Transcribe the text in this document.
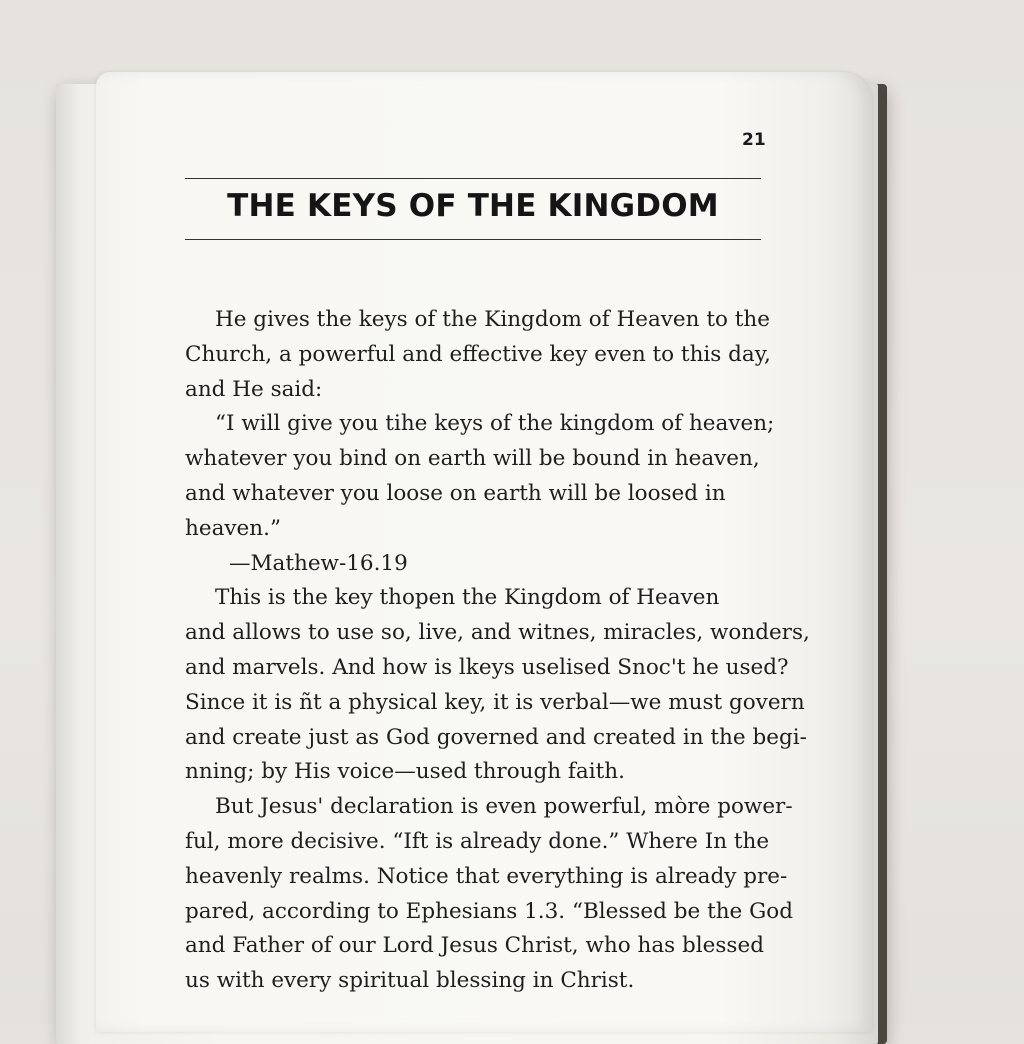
21
THE KEYS OF THE KINGDOM
He gives the keys of the Kingdom of Heaven to the
Church, a powerful and effective key even to this day,
and He said:
“I will give you tihe keys of the kingdom of heaven;
whatever you bind on earth will be bound in heaven,
and whatever you loose on earth will be loosed in
heaven.”
—Mathew-16.19
This is the key thopen the Kingdom of Heaven
and allows to use so, live, and witnes, miracles, wonders,
and marvels. And how is lkeys uselised Snoc't he used?
Since it is ñt a physical key, it is verbal—we must govern
and create just as God governed and created in the begi-
nning; by His voice—used through faith.
But Jesus' declaration is even powerful, mòre power-
ful, more decisive. “Ift is already done.” Where In the
heavenly realms. Notice that everything is already pre-
pared, according to Ephesians 1.3. “Blessed be the God
and Father of our Lord Jesus Christ, who has blessed
us with every spiritual blessing in Christ.
